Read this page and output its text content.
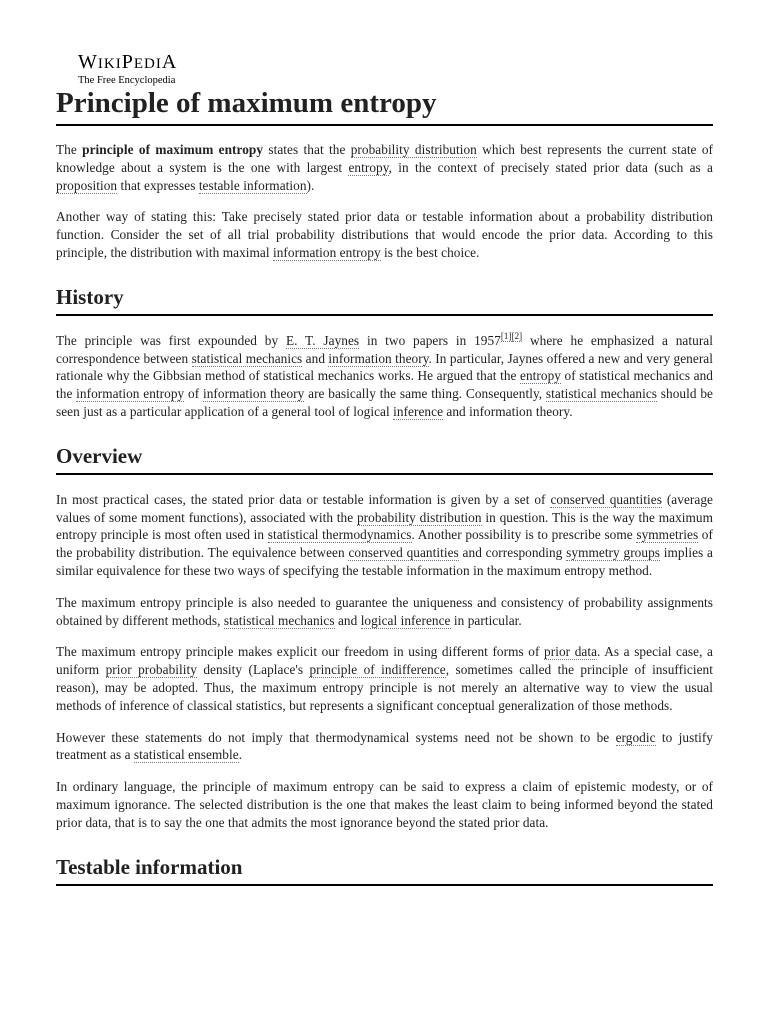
WIKIPEDIA
The Free Encyclopedia
Principle of maximum entropy

The principle of maximum entropy states that the probability distribution which best represents the current state of knowledge about a system is the one with largest entropy, in the context of precisely stated prior data (such as a proposition that expresses testable information).

Another way of stating this: Take precisely stated prior data or testable information about a probability distribution function. Consider the set of all trial probability distributions that would encode the prior data. According to this principle, the distribution with maximal information entropy is the best choice.

History

The principle was first expounded by E. T. Jaynes in two papers in 1957[1][2] where he emphasized a natural correspondence between statistical mechanics and information theory. In particular, Jaynes offered a new and very general rationale why the Gibbsian method of statistical mechanics works. He argued that the entropy of statistical mechanics and the information entropy of information theory are basically the same thing. Consequently, statistical mechanics should be seen just as a particular application of a general tool of logical inference and information theory.

Overview

In most practical cases, the stated prior data or testable information is given by a set of conserved quantities (average values of some moment functions), associated with the probability distribution in question. This is the way the maximum entropy principle is most often used in statistical thermodynamics. Another possibility is to prescribe some symmetries of the probability distribution. The equivalence between conserved quantities and corresponding symmetry groups implies a similar equivalence for these two ways of specifying the testable information in the maximum entropy method.

The maximum entropy principle is also needed to guarantee the uniqueness and consistency of probability assignments obtained by different methods, statistical mechanics and logical inference in particular.

The maximum entropy principle makes explicit our freedom in using different forms of prior data. As a special case, a uniform prior probability density (Laplace's principle of indifference, sometimes called the principle of insufficient reason), may be adopted. Thus, the maximum entropy principle is not merely an alternative way to view the usual methods of inference of classical statistics, but represents a significant conceptual generalization of those methods.

However these statements do not imply that thermodynamical systems need not be shown to be ergodic to justify treatment as a statistical ensemble.

In ordinary language, the principle of maximum entropy can be said to express a claim of epistemic modesty, or of maximum ignorance. The selected distribution is the one that makes the least claim to being informed beyond the stated prior data, that is to say the one that admits the most ignorance beyond the stated prior data.

Testable information
